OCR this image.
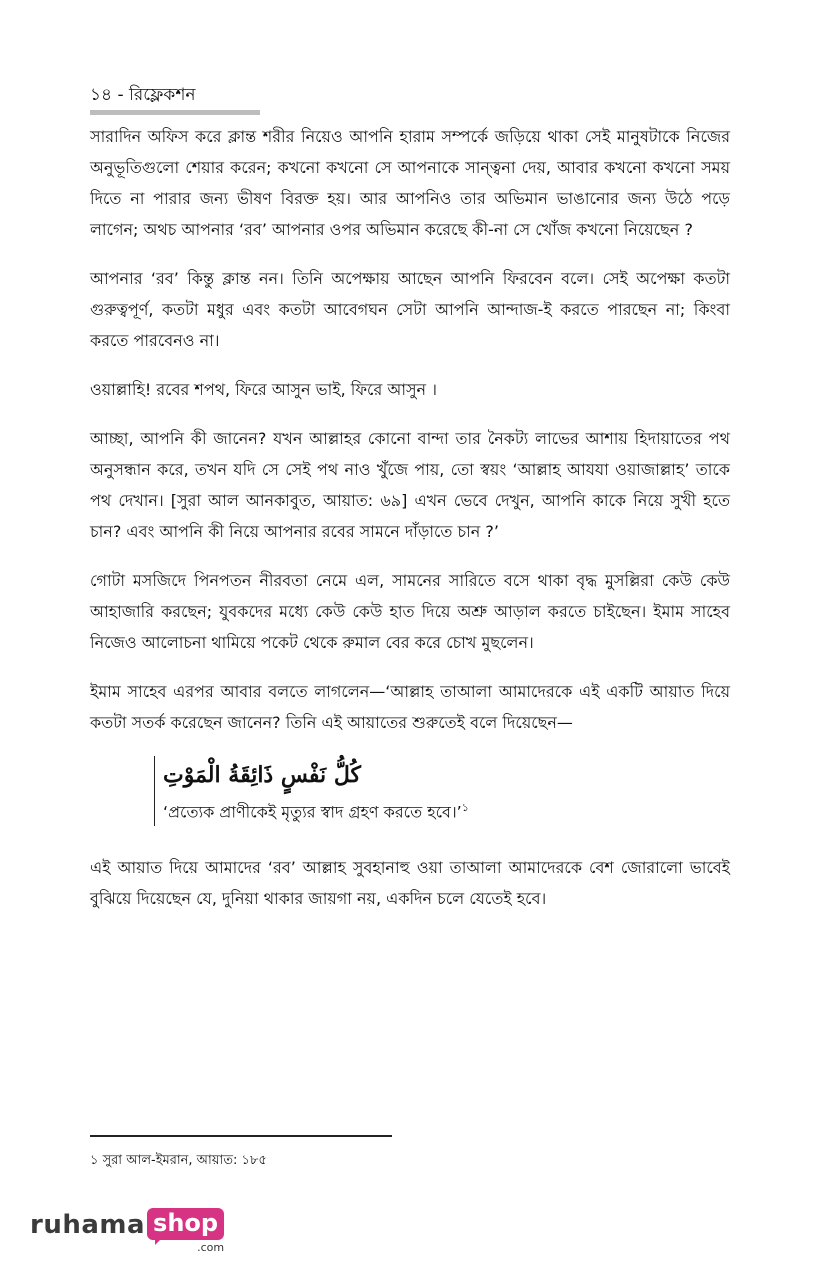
১৪ - রিফ্লেকশন

সারাদিন অফিস করে ক্লান্ত শরীর নিয়েও আপনি হারাম সম্পর্কে জড়িয়ে থাকা সেই মানুষটাকে নিজের অনুভূতিগুলো শেয়ার করেন; কখনো কখনো সে আপনাকে সান্ত্বনা দেয়, আবার কখনো কখনো সময় দিতে না পারার জন্য ভীষণ বিরক্ত হয়। আর আপনিও তার অভিমান ভাঙানোর জন্য উঠে পড়ে লাগেন; অথচ আপনার ‘রব’ আপনার ওপর অভিমান করেছে কী-না সে খোঁজ কখনো নিয়েছেন ?

আপনার ‘রব’ কিন্তু ক্লান্ত নন। তিনি অপেক্ষায় আছেন আপনি ফিরবেন বলে। সেই অপেক্ষা কতটা গুরুত্বপূর্ণ, কতটা মধুর এবং কতটা আবেগঘন সেটা আপনি আন্দাজ-ই করতে পারছেন না; কিংবা করতে পারবেনও না।

ওয়াল্লাহি! রবের শপথ, ফিরে আসুন ভাই, ফিরে আসুন ।

আচ্ছা, আপনি কী জানেন? যখন আল্লাহর কোনো বান্দা তার নৈকট্য লাভের আশায় হিদায়াতের পথ অনুসন্ধান করে, তখন যদি সে সেই পথ নাও খুঁজে পায়, তো স্বয়ং ‘আল্লাহ আযযা ওয়াজাল্লাহ’ তাকে পথ দেখান। [সুরা আল আনকাবুত, আয়াত: ৬৯] এখন ভেবে দেখুন, আপনি কাকে নিয়ে সুখী হতে চান? এবং আপনি কী নিয়ে আপনার রবের সামনে দাঁড়াতে চান ?’

গোটা মসজিদে পিনপতন নীরবতা নেমে এল, সামনের সারিতে বসে থাকা বৃদ্ধ মুসল্লিরা কেউ কেউ আহাজারি করছেন; যুবকদের মধ্যে কেউ কেউ হাত দিয়ে অশ্রু আড়াল করতে চাইছেন। ইমাম সাহেব নিজেও আলোচনা থামিয়ে পকেট থেকে রুমাল বের করে চোখ মুছলেন।

ইমাম সাহেব এরপর আবার বলতে লাগলেন—‘আল্লাহ তাআলা আমাদেরকে এই একটি আয়াত দিয়ে কতটা সতর্ক করেছেন জানেন? তিনি এই আয়াতের শুরুতেই বলে দিয়েছেন—

كُلُّ نَفْسٍ ذَائِقَةُ الْمَوْتِ
‘প্রত্যেক প্রাণীকেই মৃত্যুর স্বাদ গ্রহণ করতে হবে।’$^১$

এই আয়াত দিয়ে আমাদের ‘রব’ আল্লাহ সুবহানাহু ওয়া তাআলা আমাদেরকে বেশ জোরালো ভাবেই বুঝিয়ে দিয়েছেন যে, দুনিয়া থাকার জায়গা নয়, একদিন চলে যেতেই হবে।

১ সুরা আল-ইমরান, আয়াত: ১৮৫
ruhama shop
.com
